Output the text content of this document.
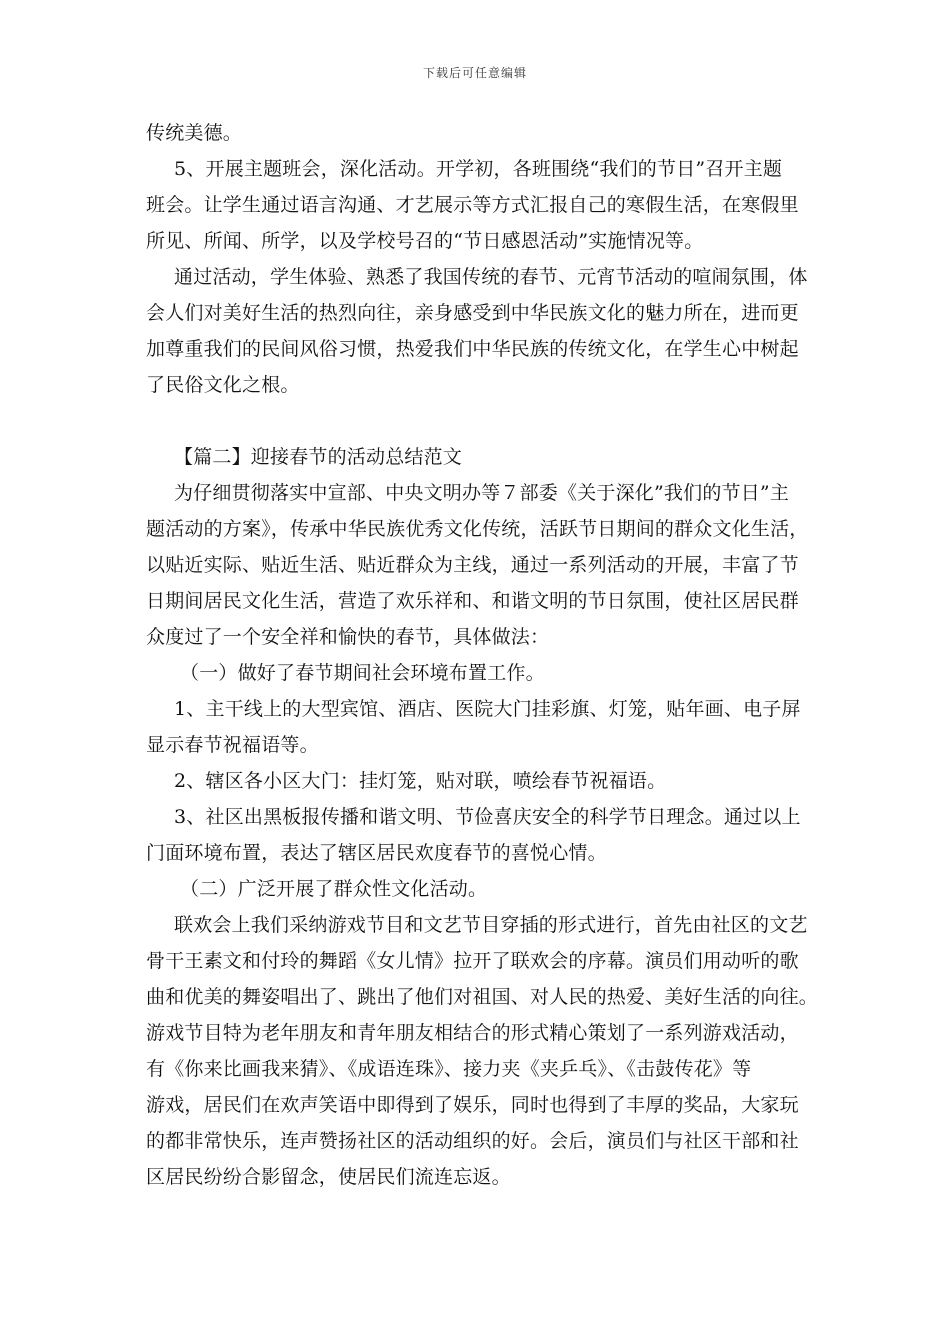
下载后可任意编辑
传统美德。
5、开展主题班会，深化活动。开学初，各班围绕“我们的节日”召开主题
班会。让学生通过语言沟通、才艺展示等方式汇报自己的寒假生活，在寒假里
所见、所闻、所学，以及学校号召的“节日感恩活动”实施情况等。
通过活动，学生体验、熟悉了我国传统的春节、元宵节活动的喧闹氛围，体
会人们对美好生活的热烈向往，亲身感受到中华民族文化的魅力所在，进而更
加尊重我们的民间风俗习惯，热爱我们中华民族的传统文化，在学生心中树起
了民俗文化之根。
【篇二】迎接春节的活动总结范文
为仔细贯彻落实中宣部、中央文明办等７部委《关于深化”我们的节日”主
题活动的方案》，传承中华民族优秀文化传统，活跃节日期间的群众文化生活，
以贴近实际、贴近生活、贴近群众为主线，通过一系列活动的开展，丰富了节
日期间居民文化生活，营造了欢乐祥和、和谐文明的节日氛围，使社区居民群
众度过了一个安全祥和愉快的春节，具体做法：
（一）做好了春节期间社会环境布置工作。
1、主干线上的大型宾馆、酒店、医院大门挂彩旗、灯笼，贴年画、电子屏
显示春节祝福语等。
2、辖区各小区大门：挂灯笼，贴对联，喷绘春节祝福语。
3、社区出黑板报传播和谐文明、节俭喜庆安全的科学节日理念。通过以上
门面环境布置，表达了辖区居民欢度春节的喜悦心情。
（二）广泛开展了群众性文化活动。
联欢会上我们采纳游戏节目和文艺节目穿插的形式进行，首先由社区的文艺
骨干王素文和付玲的舞蹈《女儿情》拉开了联欢会的序幕。演员们用动听的歌
曲和优美的舞姿唱出了、跳出了他们对祖国、对人民的热爱、美好生活的向往。
游戏节目特为老年朋友和青年朋友相结合的形式精心策划了一系列游戏活动，
有《你来比画我来猜》、《成语连珠》、接力夹《夹乒乓》、《击鼓传花》等
游戏，居民们在欢声笑语中即得到了娱乐，同时也得到了丰厚的奖品，大家玩
的都非常快乐，连声赞扬社区的活动组织的好。会后，演员们与社区干部和社
区居民纷纷合影留念，使居民们流连忘返。
